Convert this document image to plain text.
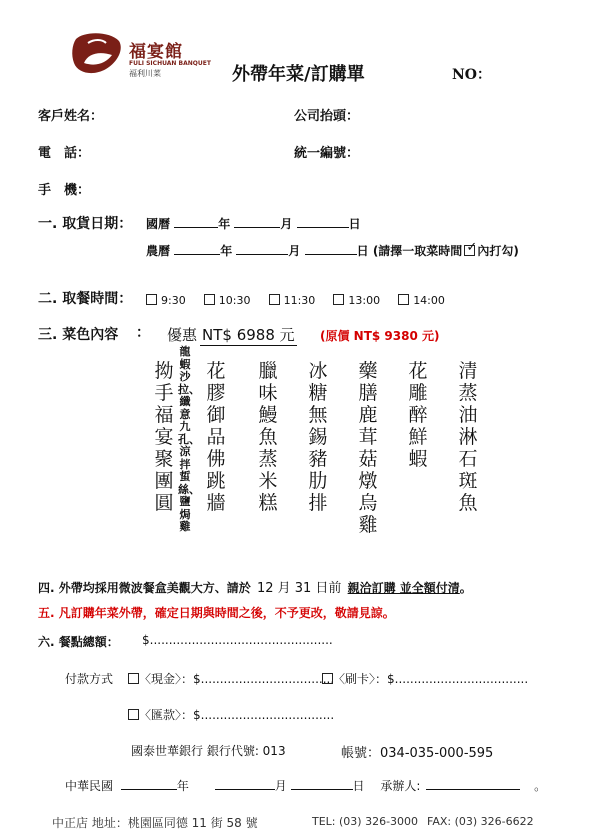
福宴館
FULI SICHUAN BANQUET
福利川菜	外帶年菜/訂購單	NO：
客戶姓名：	公司抬頭：
電　話：	統一編號：
手　機：
一. 取貨日期： 國曆	年	月	日
農曆	年	月	日 (請擇一取菜時間 ✓ 內打勾)
二. 取餐時間：	9:30	10:30	11:30	13:00	14:00
三. 菜色內容 ： 優惠 NT$ 6988 元 (原價 NT$ 9380 元)
清蒸油淋石斑魚
花雕醉鮮蝦
藥膳鹿茸菇燉烏雞
冰糖無錫豬肋排
臘味鰻魚蒸米糕
花膠御品佛跳牆
龍蝦沙拉、纖意九孔、涼拌蜇絲、鹽焗雞
拗手福宴聚團圓
四. 外帶均採用微波餐盒美觀大方、請於 12 月 31 日前 親洽訂購 並全額付清。
五. 凡訂購年菜外帶，確定日期與時間之後，不予更改，敬請見諒。
六. 餐點總額： $................................................
付款方式	〈現金〉：$...................................
〈刷卡〉：$...................................
〈匯款〉：$...................................
國泰世華銀行 銀行代號: 013	帳號：034-035-000-595
中華民國	年	月	日 承辦人:	。
中正店 地址：桃園區同德 11 街 58 號	TEL: (03) 326-3000 FAX: (03) 326-6622
